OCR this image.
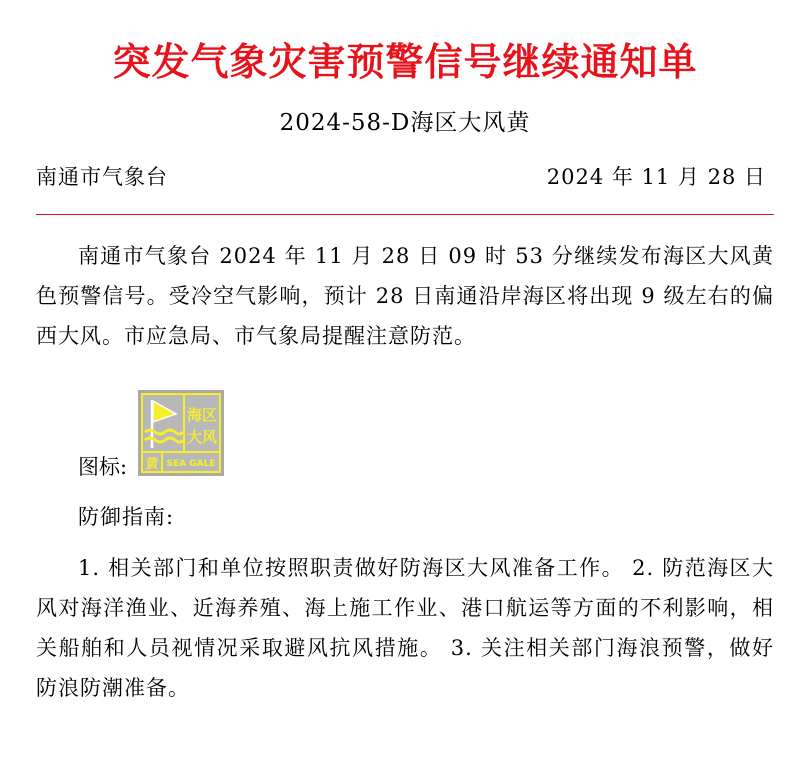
突发气象灾害预警信号继续通知单
2024-58-D海区大风黄
南通市气象台	2024 年 11 月 28 日

南通市气象台 2024 年 11 月 28 日 09 时 53 分继续发布海区大风黄色预警信号。受冷空气影响，预计 28 日南通沿岸海区将出现 9 级左右的偏西大风。市应急局、市气象局提醒注意防范。

图标:
海区
大风
黄 SEA GALE
防御指南:

1. 相关部门和单位按照职责做好防海区大风准备工作。 2. 防范海区大风对海洋渔业、近海养殖、海上施工作业、港口航运等方面的不利影响，相关船舶和人员视情况采取避风抗风措施。 3. 关注相关部门海浪预警，做好防浪防潮准备。
